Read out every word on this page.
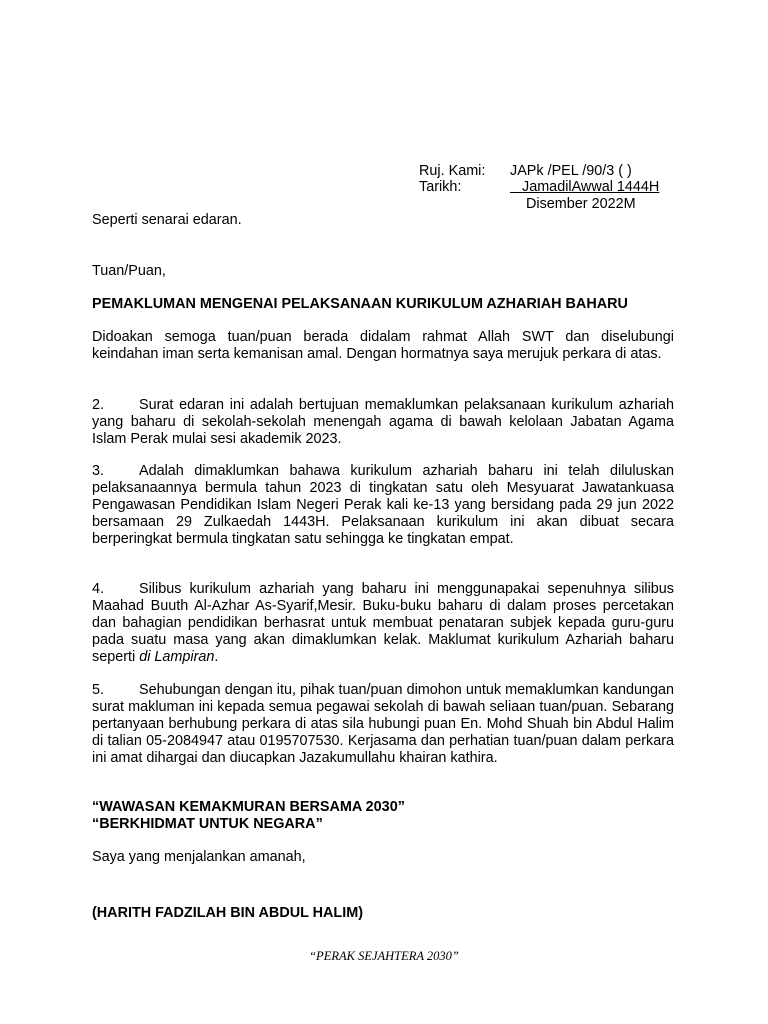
Ruj. Kami: JAPk /PEL /90/3 ( )
Tarikh:	JamadilAwwal 1444H
Disember 2022M
Seperti senarai edaran.
Tuan/Puan,
PEMAKLUMAN MENGENAI PELAKSANAAN KURIKULUM AZHARIAH BAHARU
Didoakan semoga tuan/puan berada didalam rahmat Allah SWT dan diselubungi keindahan iman serta kemanisan amal. Dengan hormatnya saya merujuk perkara di atas.
2. Surat edaran ini adalah bertujuan memaklumkan pelaksanaan kurikulum azhariah yang baharu di sekolah-sekolah menengah agama di bawah kelolaan Jabatan Agama Islam Perak mulai sesi akademik 2023.
3. Adalah dimaklumkan bahawa kurikulum azhariah baharu ini telah diluluskan pelaksanaannya bermula tahun 2023 di tingkatan satu oleh Mesyuarat Jawatankuasa Pengawasan Pendidikan Islam Negeri Perak kali ke-13 yang bersidang pada 29 jun 2022 bersamaan 29 Zulkaedah 1443H. Pelaksanaan kurikulum ini akan dibuat secara berperingkat bermula tingkatan satu sehingga ke tingkatan empat.
4. Silibus kurikulum azhariah yang baharu ini menggunapakai sepenuhnya silibus Maahad Buuth Al-Azhar As-Syarif,Mesir. Buku-buku baharu di dalam proses percetakan dan bahagian pendidikan berhasrat untuk membuat penataran subjek kepada guru-guru pada suatu masa yang akan dimaklumkan kelak. Maklumat kurikulum Azhariah baharu seperti di Lampiran.
5. Sehubungan dengan itu, pihak tuan/puan dimohon untuk memaklumkan kandungan surat makluman ini kepada semua pegawai sekolah di bawah seliaan tuan/puan. Sebarang pertanyaan berhubung perkara di atas sila hubungi puan En. Mohd Shuah bin Abdul Halim di talian 05-2084947 atau 0195707530. Kerjasama dan perhatian tuan/puan dalam perkara ini amat dihargai dan diucapkan Jazakumullahu khairan kathira.
“WAWASAN KEMAKMURAN BERSAMA 2030”
“BERKHIDMAT UNTUK NEGARA”
Saya yang menjalankan amanah,
(HARITH FADZILAH BIN ABDUL HALIM)
“PERAK SEJAHTERA 2030”
